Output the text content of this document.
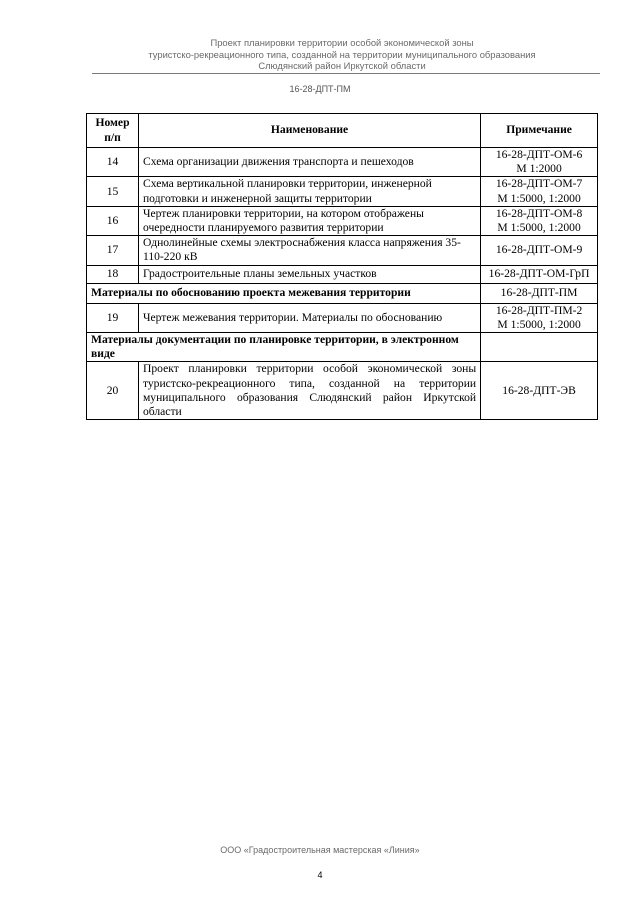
Проект планировки территории особой экономической зоны
туристско-рекреационного типа, созданной на территории муниципального образования
Слюдянский район Иркутской области
16-28-ДПТ-ПМ
Номер п/п	Наименование	Примечание
14	Схема организации движения транспорта и пешеходов	16-28-ДПТ-ОМ-6
М 1:2000

15	Схема вертикальной планировки территории, инженерной подготовки и инженерной защиты территории	16-28-ДПТ-ОМ-7
М 1:5000, 1:2000

16	Чертеж планировки территории, на котором отображены очередности планируемого развития территории	16-28-ДПТ-ОМ-8
М 1:5000, 1:2000

17	Однолинейные схемы электроснабжения класса напряжения 35-110-220 кВ	16-28-ДПТ-ОМ-9
18	Градостроительные планы земельных участков	16-28-ДПТ-ОМ-ГрП
Материалы по обоснованию проекта межевания территории		16-28-ДПТ-ПМ
19	Чертеж межевания территории. Материалы по обоснованию	16-28-ДПТ-ПМ-2
М 1:5000, 1:2000

Материалы документации по планировке территории, в электронном виде		
20	Проект планировки территории особой экономической зоны туристско-рекреационного типа, созданной на территории муниципального образования Слюдянский район Иркутской области	16-28-ДПТ-ЭВ
ООО «Градостроительная мастерская «Линия»
4
